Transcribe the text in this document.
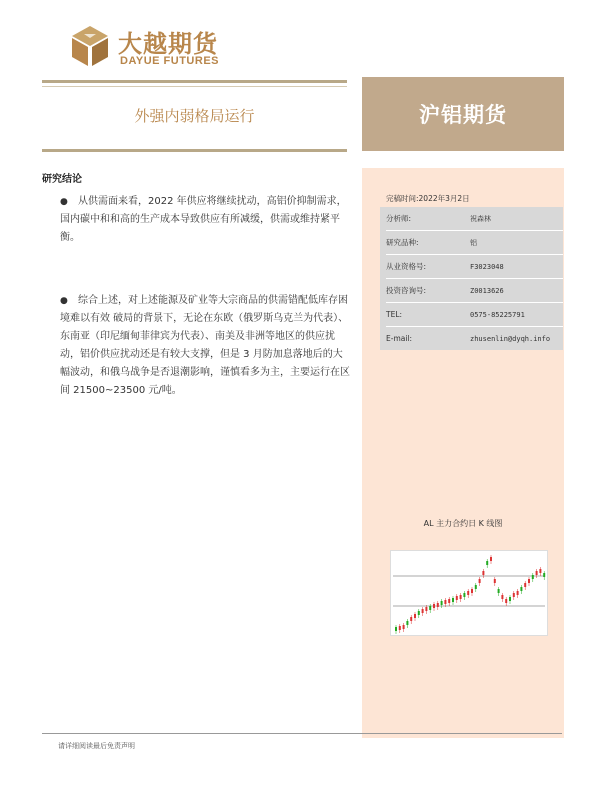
大越期货
DAYUE FUTURES
外强内弱格局运行	沪铝期货
完稿时间:2022年3月2日
分析师:	祝森林
研究品种:	铝
从业资格号:	F3023048
投资咨询号:	Z0013626
TEL:	0575-85225791
E-mail:	zhusenlin@dyqh.info
AL 主力合约日 K 线图
研究结论
● 从供需面来看，2022 年供应将继续扰动，高铝价抑制需求，国内碳中和和高的生产成本导致供应有所减缓，供需或维持紧平衡。
● 综合上述，对上述能源及矿业等大宗商品的供需错配低库存困境难以有效 破局的背景下，无论在东欧（俄罗斯乌克兰为代表）、东南亚（印尼缅甸菲律宾为代表）、南美及非洲等地区的供应扰动，铝价供应扰动还是有较大支撑，但是 3 月防加息落地后的大幅波动，和俄乌战争是否退潮影响，谨慎看多为主，主要运行在区间 21500~23500 元/吨。
请详细阅读最后免责声明
